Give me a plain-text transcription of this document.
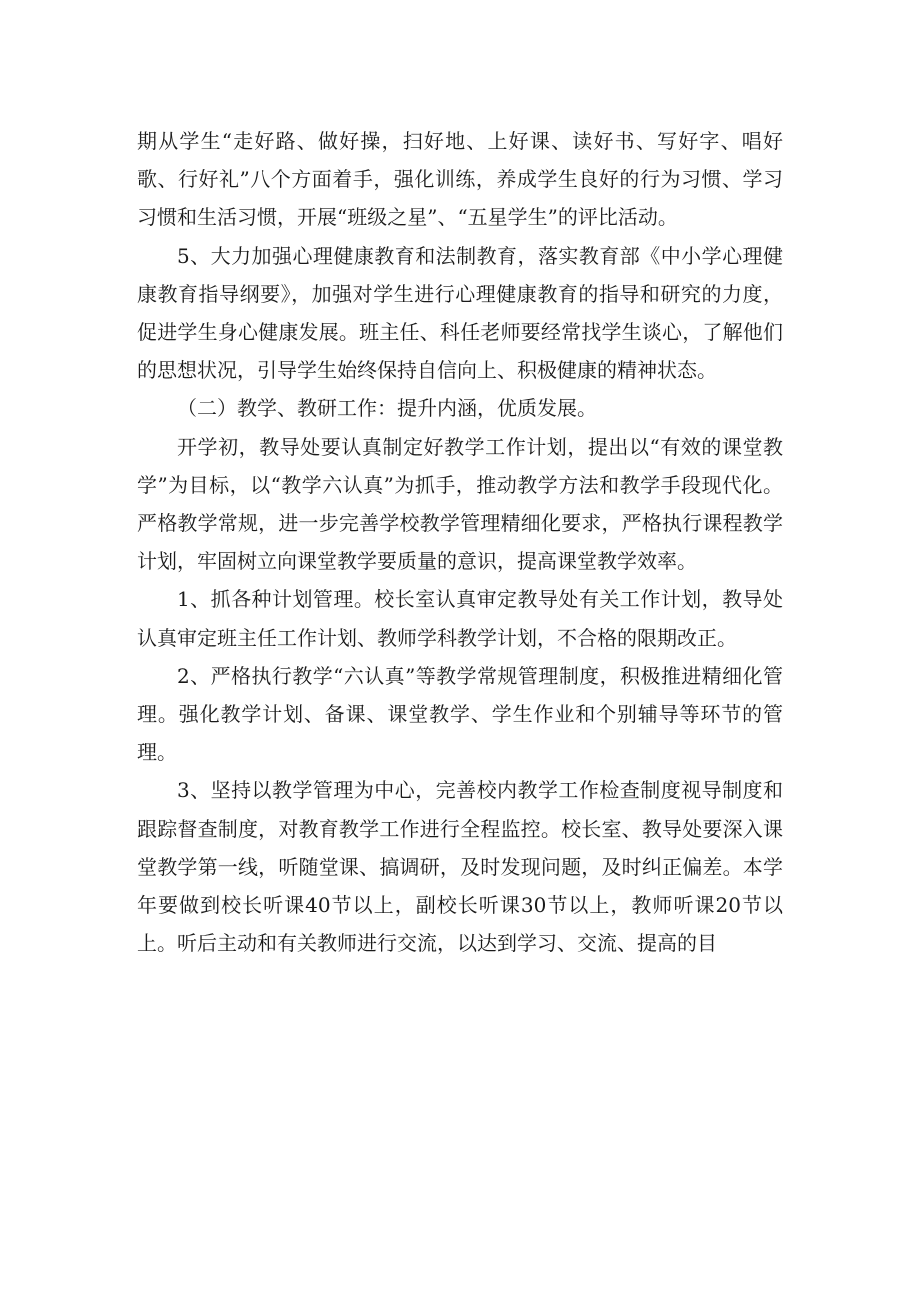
期从学生“走好路、做好操，扫好地、上好课、读好书、写好字、唱好歌、行好礼”八个方面着手，强化训练，养成学生良好的行为习惯、学习习惯和生活习惯，开展“班级之星”、“五星学生”的评比活动。

5、大力加强心理健康教育和法制教育，落实教育部《中小学心理健康教育指导纲要》，加强对学生进行心理健康教育的指导和研究的力度，促进学生身心健康发展。班主任、科任老师要经常找学生谈心，了解他们的思想状况，引导学生始终保持自信向上、积极健康的精神状态。

（二）教学、教研工作：提升内涵，优质发展。

开学初，教导处要认真制定好教学工作计划，提出以“有效的课堂教学”为目标，以“教学六认真”为抓手，推动教学方法和教学手段现代化。严格教学常规，进一步完善学校教学管理精细化要求，严格执行课程教学计划，牢固树立向课堂教学要质量的意识，提高课堂教学效率。

1、抓各种计划管理。校长室认真审定教导处有关工作计划，教导处认真审定班主任工作计划、教师学科教学计划，不合格的限期改正。

2、严格执行教学“六认真”等教学常规管理制度，积极推进精细化管理。强化教学计划、备课、课堂教学、学生作业和个别辅导等环节的管理。

3、坚持以教学管理为中心，完善校内教学工作检查制度视导制度和跟踪督查制度，对教育教学工作进行全程监控。校长室、教导处要深入课堂教学第一线，听随堂课、搞调研，及时发现问题，及时纠正偏差。本学年要做到校长听课40节以上，副校长听课30节以上，教师听课20节以上。听后主动和有关教师进行交流，以达到学习、交流、提高的目
